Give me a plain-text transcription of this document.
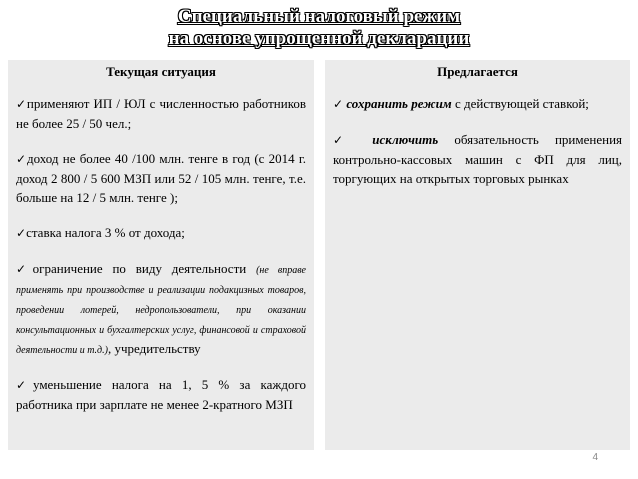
Специальный налоговый режим
на основе упрощенной декларации
Текущая ситуация
✓применяют ИП / ЮЛ с численностью работников не более 25 / 50 чел.;
✓доход не более 40 /100 млн. тенге в год (с 2014 г. доход 2 800 / 5 600 МЗП или 52 / 105 млн. тенге, т.е. больше на 12 / 5 млн. тенге );
✓ставка налога 3 % от дохода;
✓ограничение по виду деятельности (не вправе применять при производстве и реализации подакцизных товаров, проведении лотерей, недропользователи, при оказании консультационных и бухгалтерских услуг, финансовой и страховой деятельности и т.д.), учредительству
✓уменьшение налога на 1, 5 % за каждого работника при зарплате не менее 2-кратного МЗП
Предлагается
✓ сохранить режим с действующей ставкой;
✓ исключить обязательность применения контрольно-кассовых машин с ФП для лиц, торгующих на открытых торговых рынках
4
